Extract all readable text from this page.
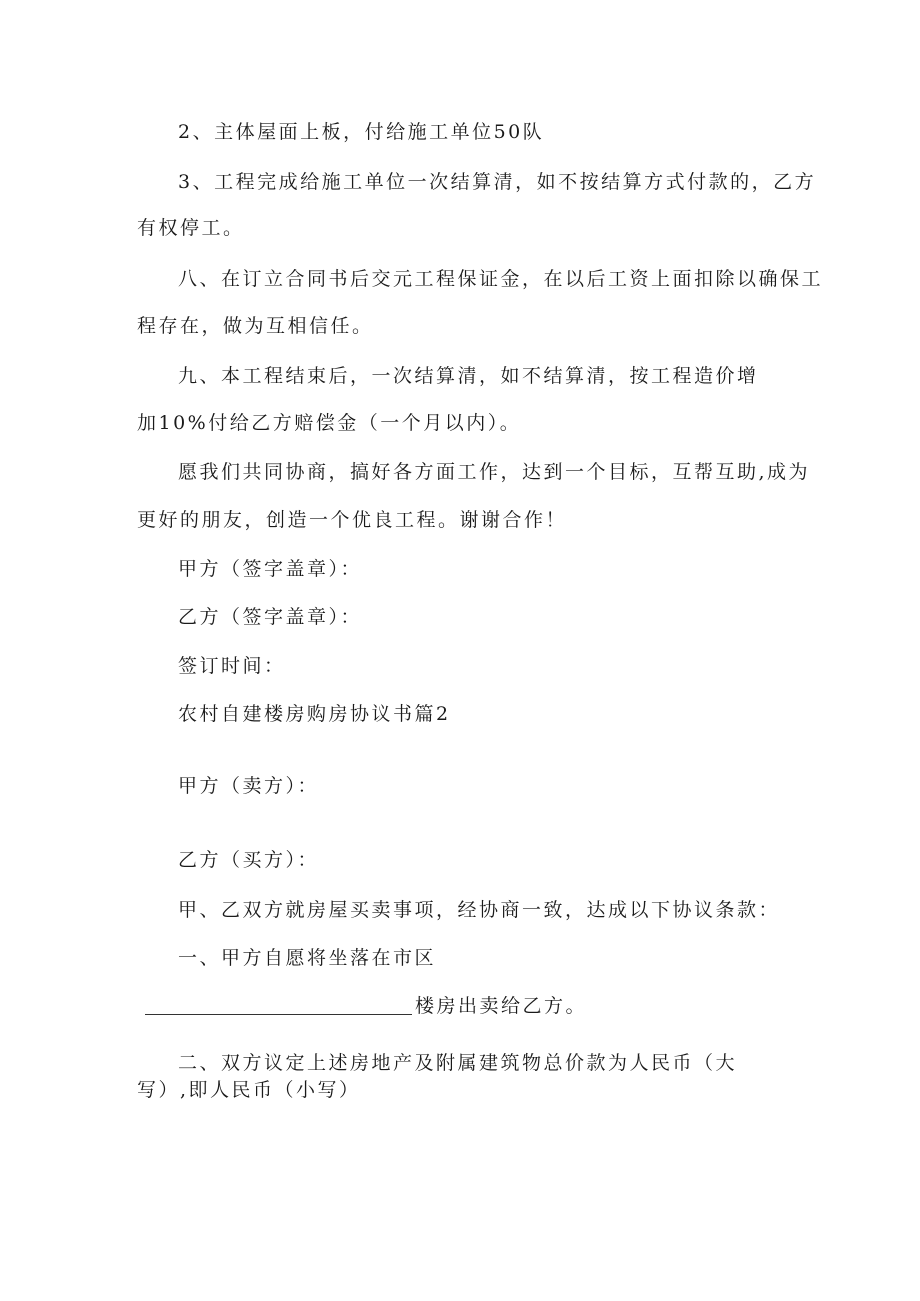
2、主体屋面上板，付给施工单位50队
3、工程完成给施工单位一次结算清，如不按结算方式付款的，乙方
有权停工。
八、在订立合同书后交元工程保证金，在以后工资上面扣除以确保工
程存在，做为互相信任。
九、本工程结束后，一次结算清，如不结算清，按工程造价增
加10%付给乙方赔偿金（一个月以内）。
愿我们共同协商，搞好各方面工作，达到一个目标，互帮互助,成为
更好的朋友，创造一个优良工程。谢谢合作！
甲方（签字盖章）：
乙方（签字盖章）：
签订时间：
农村自建楼房购房协议书篇2
甲方（卖方）：
乙方（买方）：
甲、乙双方就房屋买卖事项，经协商一致，达成以下协议条款：
一、甲方自愿将坐落在市区
楼房出卖给乙方。
二、双方议定上述房地产及附属建筑物总价款为人民币（大
写）,即人民币（小写）
